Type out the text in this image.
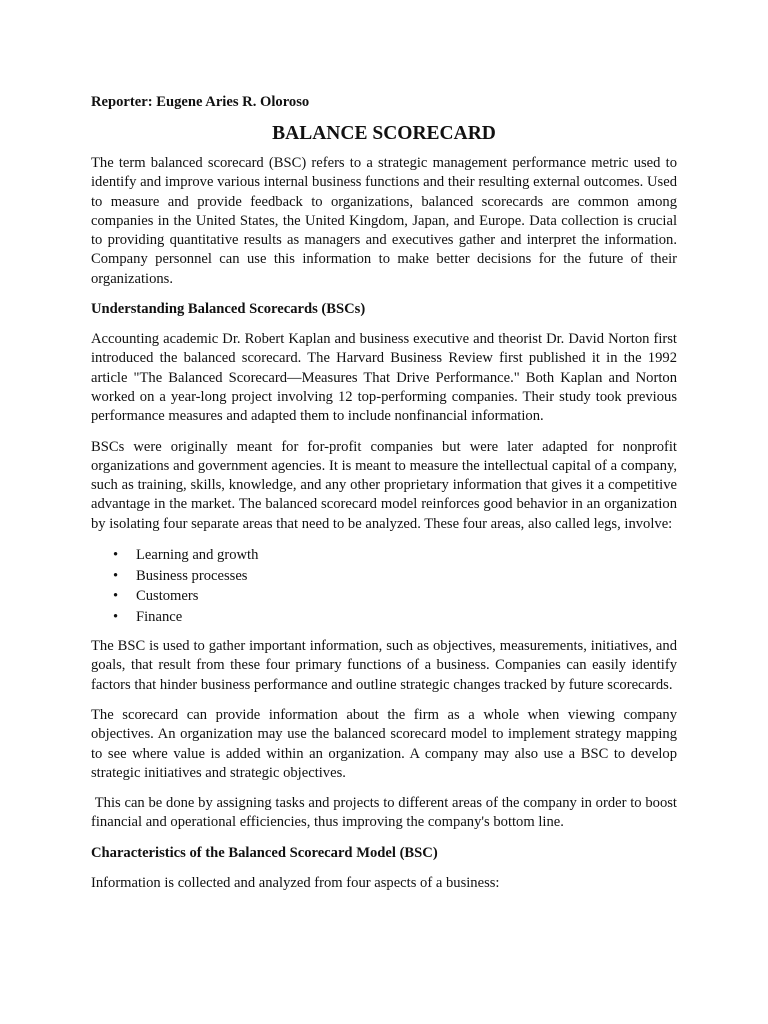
Reporter: Eugene Aries R. Oloroso
BALANCE SCORECARD

The term balanced scorecard (BSC) refers to a strategic management performance metric used to identify and improve various internal business functions and their resulting external outcomes. Used to measure and provide feedback to organizations, balanced scorecards are common among companies in the United States, the United Kingdom, Japan, and Europe. Data collection is crucial to providing quantitative results as managers and executives gather and interpret the information. Company personnel can use this information to make better decisions for the future of their organizations.

Understanding Balanced Scorecards (BSCs)

Accounting academic Dr. Robert Kaplan and business executive and theorist Dr. David Norton first introduced the balanced scorecard. The Harvard Business Review first published it in the 1992 article "The Balanced Scorecard—Measures That Drive Performance." Both Kaplan and Norton worked on a year-long project involving 12 top-performing companies. Their study took previous performance measures and adapted them to include nonfinancial information.

BSCs were originally meant for for-profit companies but were later adapted for nonprofit organizations and government agencies. It is meant to measure the intellectual capital of a company, such as training, skills, knowledge, and any other proprietary information that gives it a competitive advantage in the market. The balanced scorecard model reinforces good behavior in an organization by isolating four separate areas that need to be analyzed. These four areas, also called legs, involve:

• Learning and growth
• Business processes
• Customers
• Finance

The BSC is used to gather important information, such as objectives, measurements, initiatives, and goals, that result from these four primary functions of a business. Companies can easily identify factors that hinder business performance and outline strategic changes tracked by future scorecards.

The scorecard can provide information about the firm as a whole when viewing company objectives. An organization may use the balanced scorecard model to implement strategy mapping to see where value is added within an organization. A company may also use a BSC to develop strategic initiatives and strategic objectives.

This can be done by assigning tasks and projects to different areas of the company in order to boost financial and operational efficiencies, thus improving the company's bottom line.

Characteristics of the Balanced Scorecard Model (BSC)

Information is collected and analyzed from four aspects of a business:
